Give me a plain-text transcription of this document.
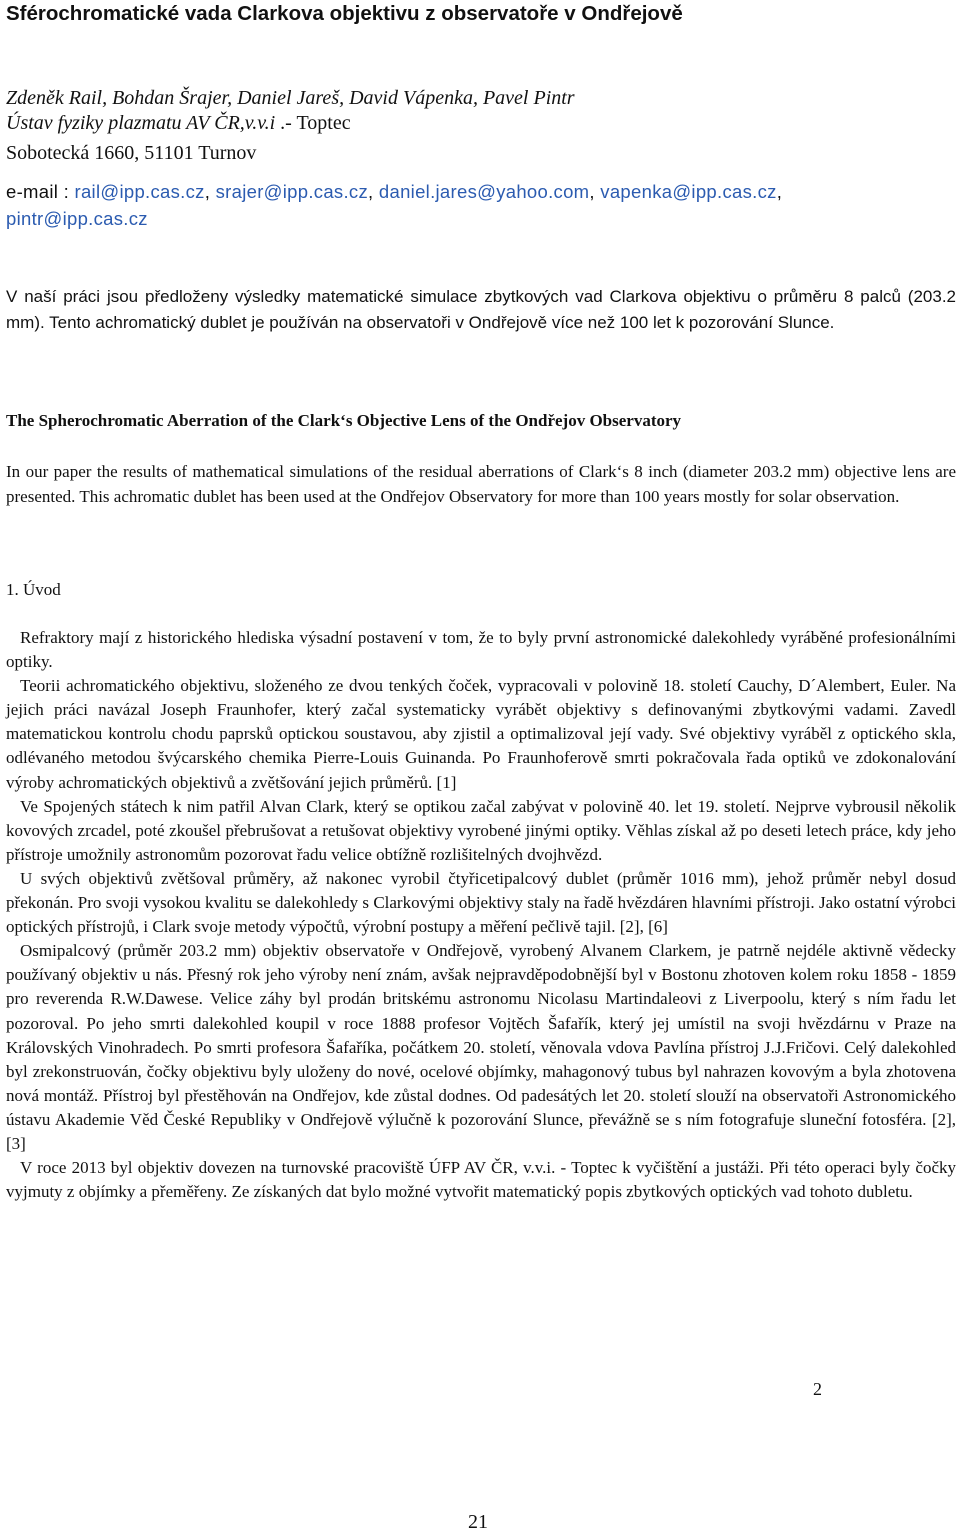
Sférochromatické vada Clarkova objektivu z observatoře v Ondřejově
Zdeněk Rail, Bohdan Šrajer, Daniel Jareš, David Vápenka, Pavel Pintr
Ústav fyziky plazmatu AV ČR,v.v.i .- Toptec
Sobotecká 1660, 51101 Turnov
e-mail : rail@ipp.cas.cz, srajer@ipp.cas.cz, daniel.jares@yahoo.com, vapenka@ipp.cas.cz,
pintr@ipp.cas.cz
V naší práci jsou předloženy výsledky matematické simulace zbytkových vad Clarkova objektivu o průměru 8 palců (203.2 mm). Tento achromatický dublet je používán na observatoři v Ondřejově více než 100 let k pozorování Slunce.
The Spherochromatic Aberration of the Clark‘s Objective Lens of the Ondřejov Observatory
In our paper the results of mathematical simulations of the residual aberrations of Clark‘s 8 inch (diameter 203.2 mm) objective lens are presented. This achromatic dublet has been used at the Ondřejov Observatory for more than 100 years mostly for solar observation.
1. Úvod

Refraktory mají z historického hlediska výsadní postavení v tom, že to byly první astronomické dalekohledy vyráběné profesionálními optiky.

Teorii achromatického objektivu, složeného ze dvou tenkých čoček, vypracovali v polovině 18. století Cauchy, D´Alembert, Euler. Na jejich práci navázal Joseph Fraunhofer, který začal systematicky vyrábět objektivy s definovanými zbytkovými vadami. Zavedl matematickou kontrolu chodu paprsků optickou soustavou, aby zjistil a optimalizoval její vady. Své objektivy vyráběl z optického skla, odlévaného metodou švýcarského chemika Pierre-Louis Guinanda. Po Fraunhoferově smrti pokračovala řada optiků ve zdokonalování výroby achromatických objektivů a zvětšování jejich průměrů. [1]

Ve Spojených státech k nim patřil Alvan Clark, který se optikou začal zabývat v polovině 40. let 19. století. Nejprve vybrousil několik kovových zrcadel, poté zkoušel přebrušovat a retušovat objektivy vyrobené jinými optiky. Věhlas získal až po deseti letech práce, kdy jeho přístroje umožnily astronomům pozorovat řadu velice obtížně rozlišitelných dvojhvězd.

U svých objektivů zvětšoval průměry, až nakonec vyrobil čtyřicetipalcový dublet (průměr 1016 mm), jehož průměr nebyl dosud překonán. Pro svoji vysokou kvalitu se dalekohledy s Clarkovými objektivy staly na řadě hvězdáren hlavními přístroji. Jako ostatní výrobci optických přístrojů, i Clark svoje metody výpočtů, výrobní postupy a měření pečlivě tajil. [2], [6]

Osmipalcový (průměr 203.2 mm) objektiv observatoře v Ondřejově, vyrobený Alvanem Clarkem, je patrně nejdéle aktivně vědecky používaný objektiv u nás. Přesný rok jeho výroby není znám, avšak nejpravděpodobnější byl v Bostonu zhotoven kolem roku 1858 - 1859 pro reverenda R.W.Dawese. Velice záhy byl prodán britskému astronomu Nicolasu Martindaleovi z Liverpoolu, který s ním řadu let pozoroval. Po jeho smrti dalekohled koupil v roce 1888 profesor Vojtěch Šafařík, který jej umístil na svoji hvězdárnu v Praze na Královských Vinohradech. Po smrti profesora Šafaříka, počátkem 20. století, věnovala vdova Pavlína přístroj J.J.Fričovi. Celý dalekohled byl zrekonstruován, čočky objektivu byly uloženy do nové, ocelové objímky, mahagonový tubus byl nahrazen kovovým a byla zhotovena nová montáž. Přístroj byl přestěhován na Ondřejov, kde zůstal dodnes. Od padesátých let 20. století slouží na observatoři Astronomického ústavu Akademie Věd České Republiky v Ondřejově výlučně k pozorování Slunce, převážně se s ním fotografuje sluneční fotosféra. [2], [3]

V roce 2013 byl objektiv dovezen na turnovské pracoviště ÚFP AV ČR, v.v.i. - Toptec k vyčištění a justáži. Při této operaci byly čočky vyjmuty z objímky a přeměřeny. Ze získaných dat bylo možné vytvořit matematický popis zbytkových optických vad tohoto dubletu.

2
21
